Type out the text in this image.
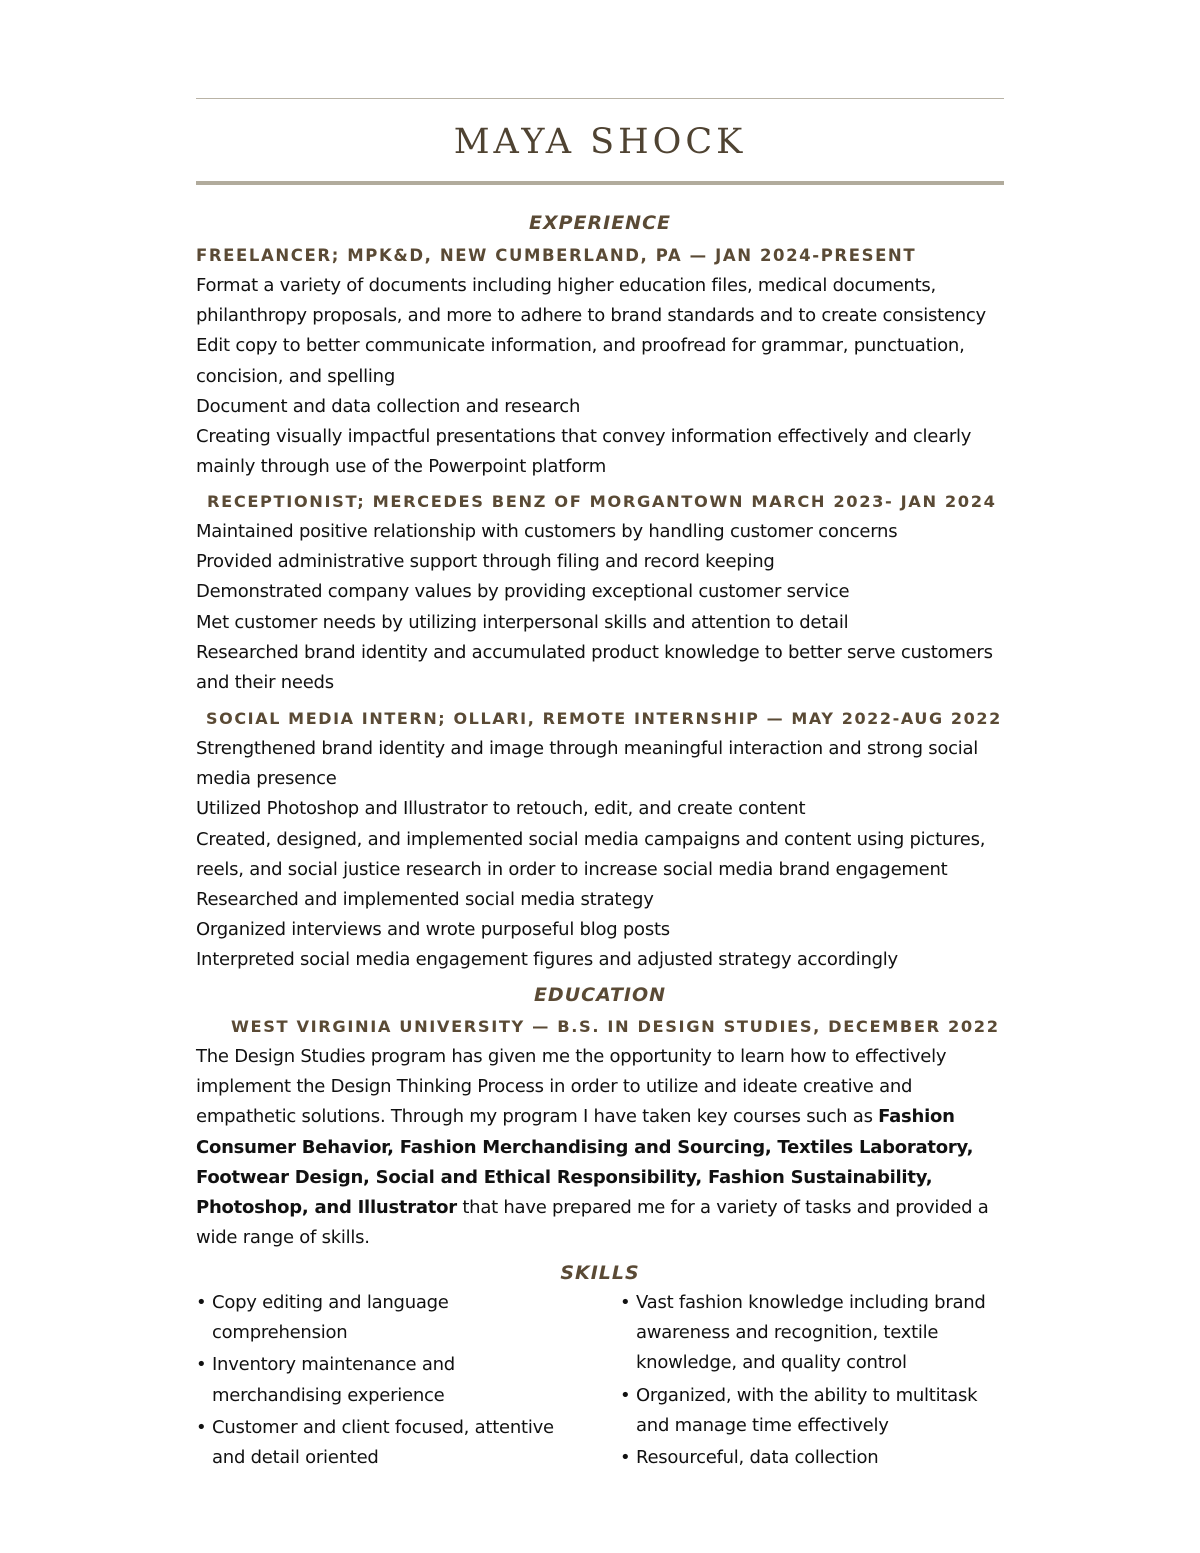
MAYA SHOCK
EXPERIENCE
FREELANCER; MPK&D, NEW CUMBERLAND, PA — JAN 2024-PRESENT
Format a variety of documents including higher education files, medical documents,
philanthropy proposals, and more to adhere to brand standards and to create consistency
Edit copy to better communicate information, and proofread for grammar, punctuation,
concision, and spelling
Document and data collection and research
Creating visually impactful presentations that convey information effectively and clearly
mainly through use of the Powerpoint platform
RECEPTIONIST; MERCEDES BENZ OF MORGANTOWN MARCH 2023- JAN 2024
Maintained positive relationship with customers by handling customer concerns
Provided administrative support through filing and record keeping
Demonstrated company values by providing exceptional customer service
Met customer needs by utilizing interpersonal skills and attention to detail
Researched brand identity and accumulated product knowledge to better serve customers
and their needs
SOCIAL MEDIA INTERN; OLLARI, REMOTE INTERNSHIP — MAY 2022-AUG 2022
Strengthened brand identity and image through meaningful interaction and strong social
media presence
Utilized Photoshop and Illustrator to retouch, edit, and create content
Created, designed, and implemented social media campaigns and content using pictures,
reels, and social justice research in order to increase social media brand engagement
Researched and implemented social media strategy
Organized interviews and wrote purposeful blog posts
Interpreted social media engagement figures and adjusted strategy accordingly
EDUCATION
WEST VIRGINIA UNIVERSITY — B.S. IN DESIGN STUDIES, DECEMBER 2022
The Design Studies program has given me the opportunity to learn how to effectively
implement the Design Thinking Process in order to utilize and ideate creative and
empathetic solutions. Through my program I have taken key courses such as Fashion
Consumer Behavior, Fashion Merchandising and Sourcing, Textiles Laboratory,
Footwear Design, Social and Ethical Responsibility, Fashion Sustainability,
Photoshop, and Illustrator that have prepared me for a variety of tasks and provided a
wide range of skills.
SKILLS
• Copy editing and language
comprehension
• Inventory maintenance and
merchandising experience
• Customer and client focused, attentive
and detail oriented
• Vast fashion knowledge including brand
awareness and recognition, textile
knowledge, and quality control
• Organized, with the ability to multitask
and manage time effectively
• Resourceful, data collection
